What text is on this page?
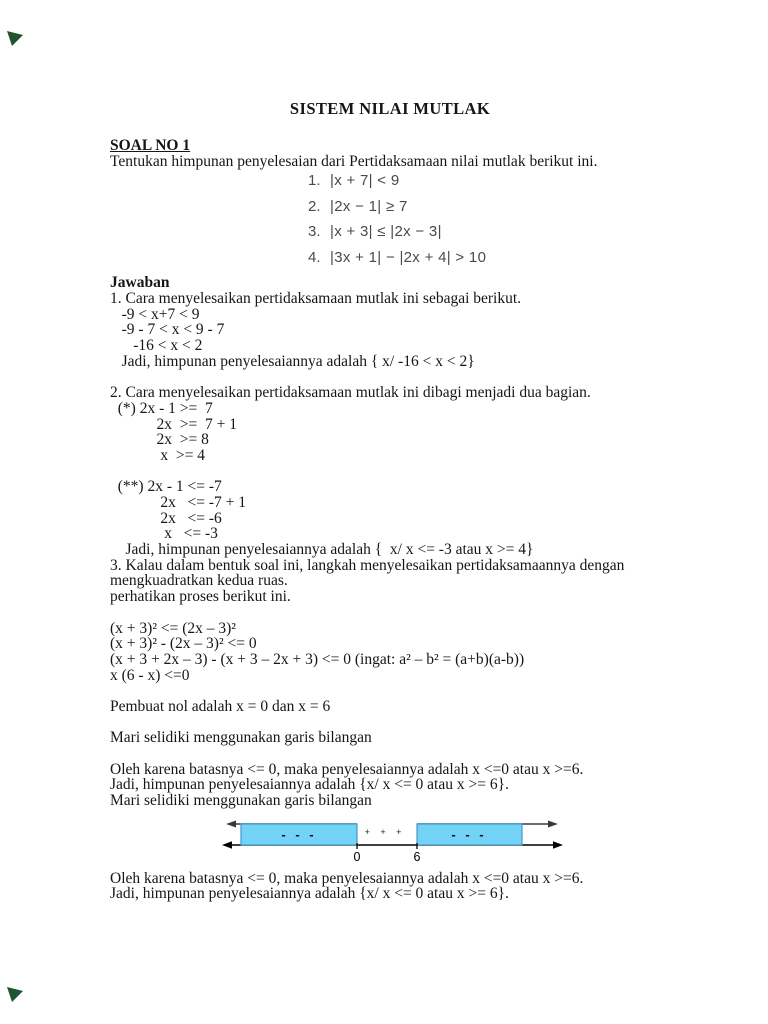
SISTEM NILAI MUTLAK
SOAL NO 1
Tentukan himpunan penyelesaian dari Pertidaksamaan nilai mutlak berikut ini.
1. |x + 7| < 9
2. |2x − 1| ≥ 7
3. |x + 3| ≤ |2x − 3|
4. |3x + 1| − |2x + 4| > 10
Jawaban
1. Cara menyelesaikan pertidaksamaan mutlak ini sebagai berikut.
-9 < x+7 < 9
-9 - 7 < x < 9 - 7
-16 < x < 2
Jadi, himpunan penyelesaiannya adalah { x/ -16 < x < 2}
2. Cara menyelesaikan pertidaksamaan mutlak ini dibagi menjadi dua bagian.
(*) 2x - 1 >=  7
2x  >=  7 + 1
2x  >= 8
x  >= 4
(**) 2x - 1 <= -7
2x   <= -7 + 1
2x   <= -6
x   <= -3
Jadi, himpunan penyelesaiannya adalah {  x/ x <= -3 atau x >= 4}
3. Kalau dalam bentuk soal ini, langkah menyelesaikan pertidaksamaannya dengan
mengkuadratkan kedua ruas.
perhatikan proses berikut ini.
(x + 3)² <= (2x – 3)²
(x + 3)² - (2x – 3)² <= 0
(x + 3 + 2x – 3) - (x + 3 – 2x + 3) <= 0 (ingat: a² – b² = (a+b)(a-b))
x (6 - x) <=0
Pembuat nol adalah x = 0 dan x = 6
Mari selidiki menggunakan garis bilangan
Oleh karena batasnya <= 0, maka penyelesaiannya adalah x <=0 atau x >=6.
Jadi, himpunan penyelesaiannya adalah {x/ x <= 0 atau x >= 6}.
Mari selidiki menggunakan garis bilangan
- - -	+ + +	- - -
0	6
Oleh karena batasnya <= 0, maka penyelesaiannya adalah x <=0 atau x >=6.
Jadi, himpunan penyelesaiannya adalah {x/ x <= 0 atau x >= 6}.
